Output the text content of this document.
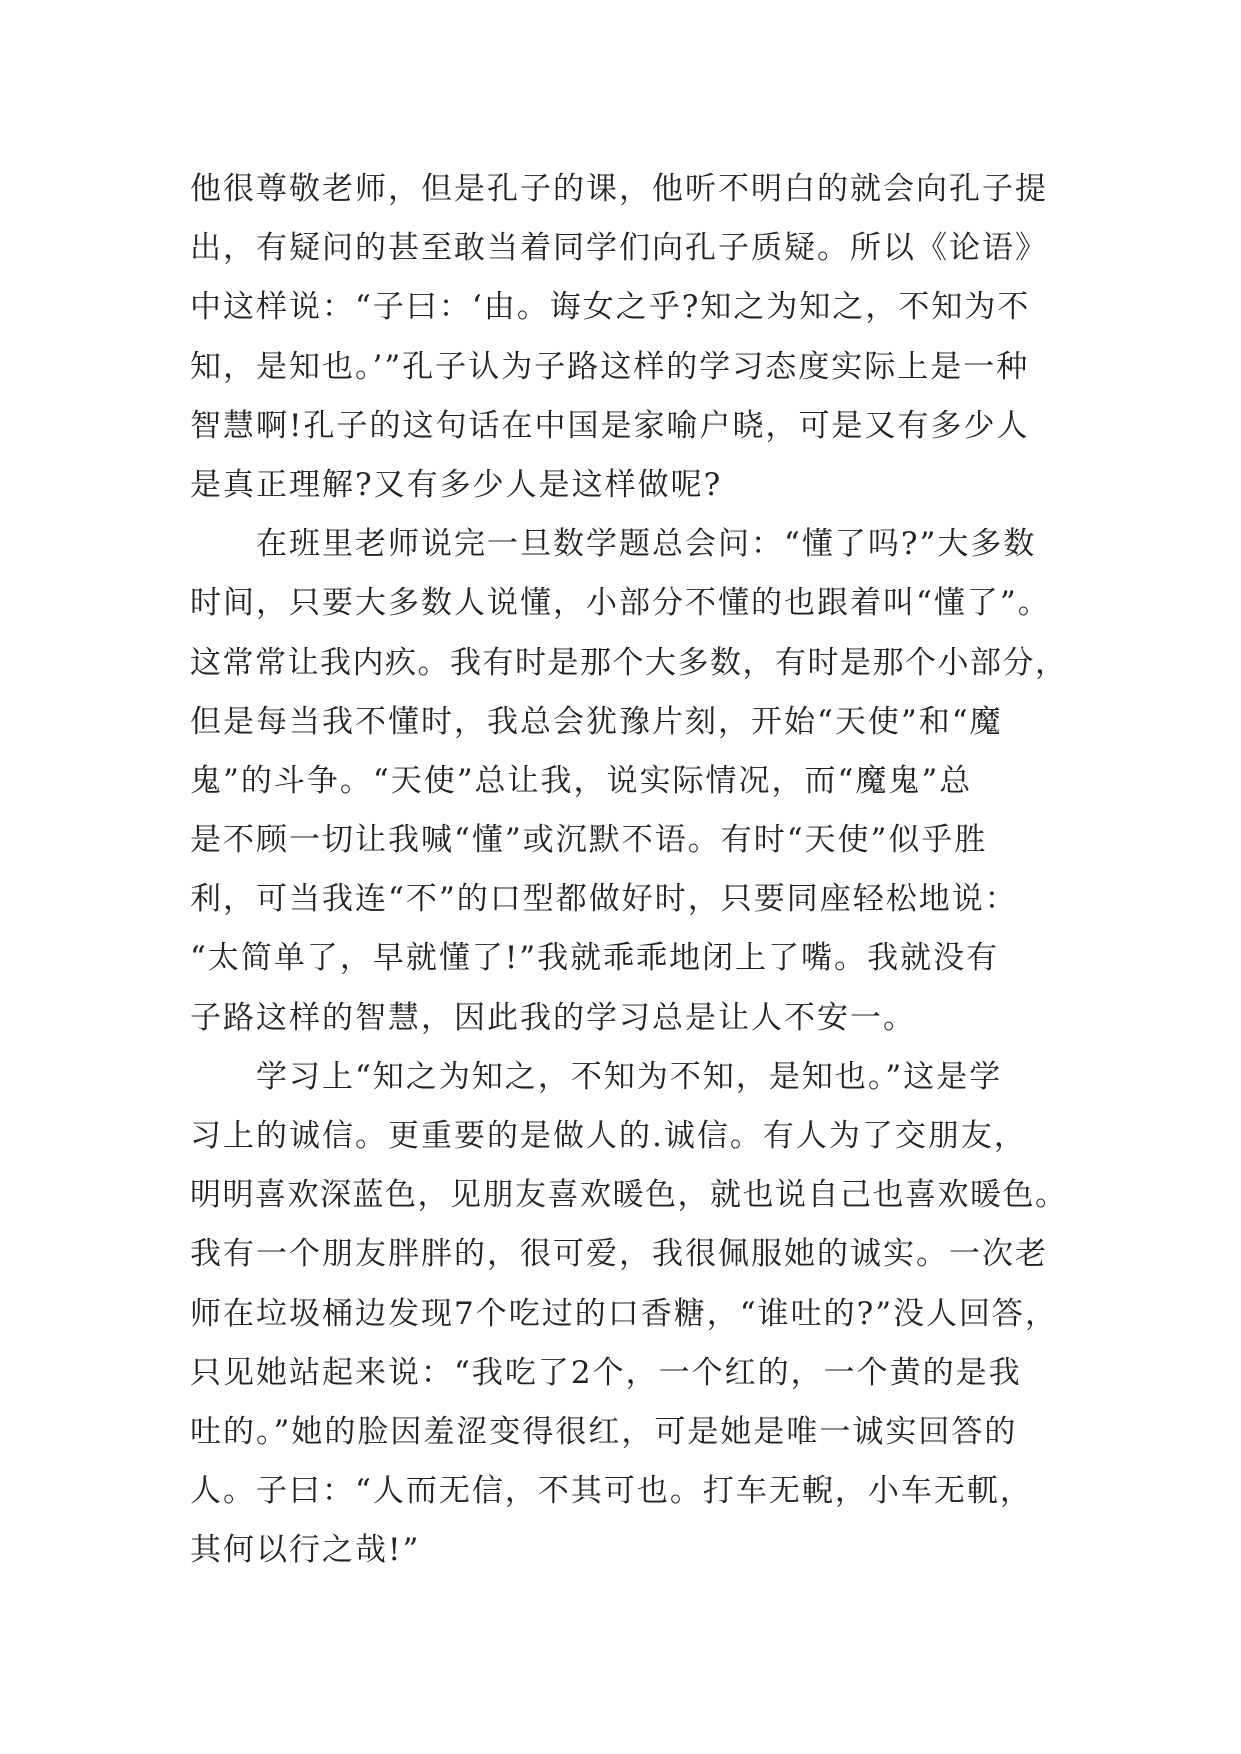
他很尊敬老师，但是孔子的课，他听不明白的就会向孔子提
出，有疑问的甚至敢当着同学们向孔子质疑。所以《论语》
中这样说：“子曰：‘由。诲女之乎?知之为知之，不知为不
知，是知也。’”孔子认为子路这样的学习态度实际上是一种
智慧啊!孔子的这句话在中国是家喻户晓，可是又有多少人
是真正理解?又有多少人是这样做呢?
在班里老师说完一旦数学题总会问：“懂了吗?”大多数
时间，只要大多数人说懂，小部分不懂的也跟着叫“懂了”。
这常常让我内疚。我有时是那个大多数，有时是那个小部分，
但是每当我不懂时，我总会犹豫片刻，开始“天使”和“魔
鬼”的斗争。“天使”总让我，说实际情况，而“魔鬼”总
是不顾一切让我喊“懂”或沉默不语。有时“天使”似乎胜
利，可当我连“不”的口型都做好时，只要同座轻松地说：
“太简单了，早就懂了!”我就乖乖地闭上了嘴。我就没有
子路这样的智慧，因此我的学习总是让人不安一。
学习上“知之为知之，不知为不知，是知也。”这是学
习上的诚信。更重要的是做人的.诚信。有人为了交朋友，
明明喜欢深蓝色，见朋友喜欢暖色，就也说自己也喜欢暖色。
我有一个朋友胖胖的，很可爱，我很佩服她的诚实。一次老
师在垃圾桶边发现7个吃过的口香糖，“谁吐的?”没人回答，
只见她站起来说：“我吃了2个，一个红的，一个黄的是我
吐的。”她的脸因羞涩变得很红，可是她是唯一诚实回答的
人。子曰：“人而无信，不其可也。打车无輗，小车无軏，
其何以行之哉!”
